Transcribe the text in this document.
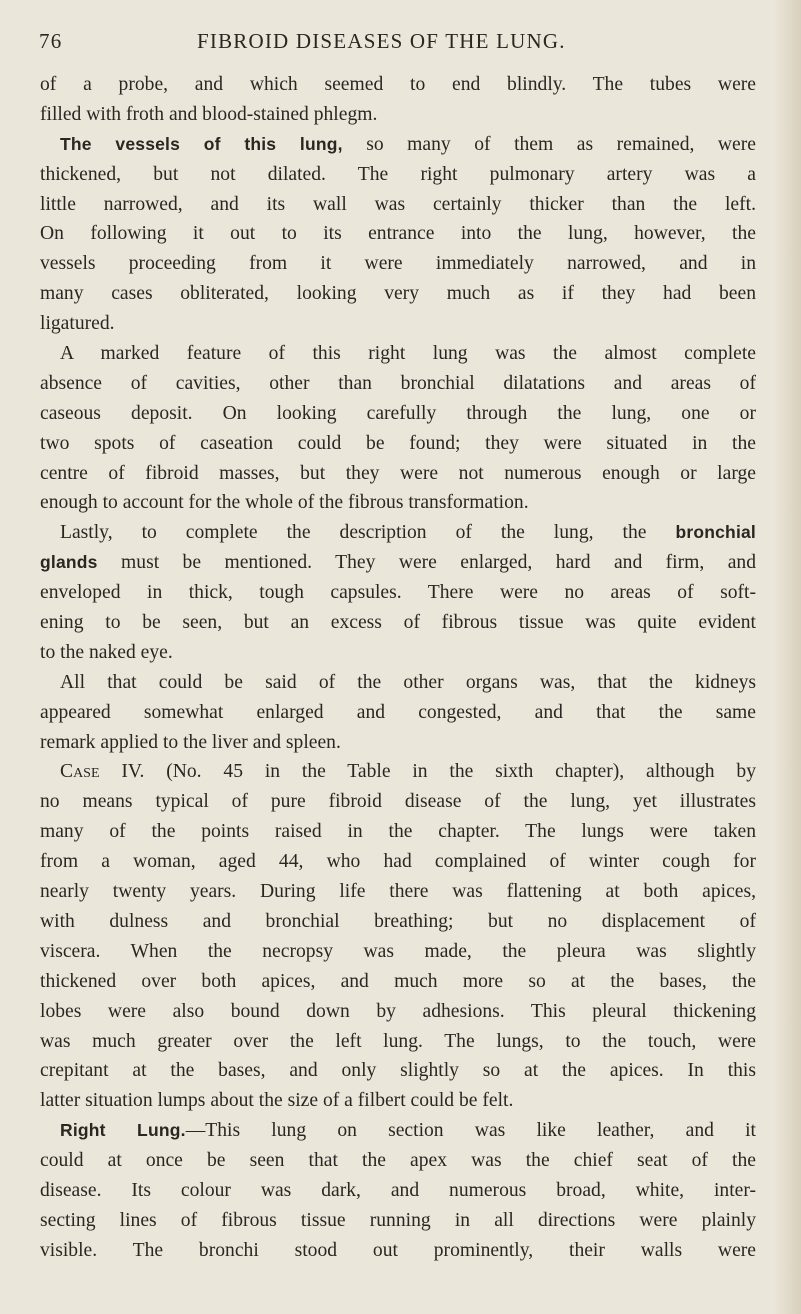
76	FIBROID DISEASES OF THE LUNG.
of a probe, and which seemed to end blindly. The tubes were
filled with froth and blood-stained phlegm.
The vessels of this lung, so many of them as remained, were
thickened, but not dilated. The right pulmonary artery was a
little narrowed, and its wall was certainly thicker than the left.
On following it out to its entrance into the lung, however, the
vessels proceeding from it were immediately narrowed, and in
many cases obliterated, looking very much as if they had been
ligatured.
A marked feature of this right lung was the almost complete
absence of cavities, other than bronchial dilatations and areas of
caseous deposit. On looking carefully through the lung, one or
two spots of caseation could be found; they were situated in the
centre of fibroid masses, but they were not numerous enough or large
enough to account for the whole of the fibrous transformation.
Lastly, to complete the description of the lung, the bronchial
glands must be mentioned. They were enlarged, hard and firm, and
enveloped in thick, tough capsules. There were no areas of soft-
ening to be seen, but an excess of fibrous tissue was quite evident
to the naked eye.
All that could be said of the other organs was, that the kidneys
appeared somewhat enlarged and congested, and that the same
remark applied to the liver and spleen.
Case IV. (No. 45 in the Table in the sixth chapter), although by
no means typical of pure fibroid disease of the lung, yet illustrates
many of the points raised in the chapter. The lungs were taken
from a woman, aged 44, who had complained of winter cough for
nearly twenty years. During life there was flattening at both apices,
with dulness and bronchial breathing; but no displacement of
viscera. When the necropsy was made, the pleura was slightly
thickened over both apices, and much more so at the bases, the
lobes were also bound down by adhesions. This pleural thickening
was much greater over the left lung. The lungs, to the touch, were
crepitant at the bases, and only slightly so at the apices. In this
latter situation lumps about the size of a filbert could be felt.
Right Lung.—This lung on section was like leather, and it
could at once be seen that the apex was the chief seat of the
disease. Its colour was dark, and numerous broad, white, inter-
secting lines of fibrous tissue running in all directions were plainly
visible. The bronchi stood out prominently, their walls were
